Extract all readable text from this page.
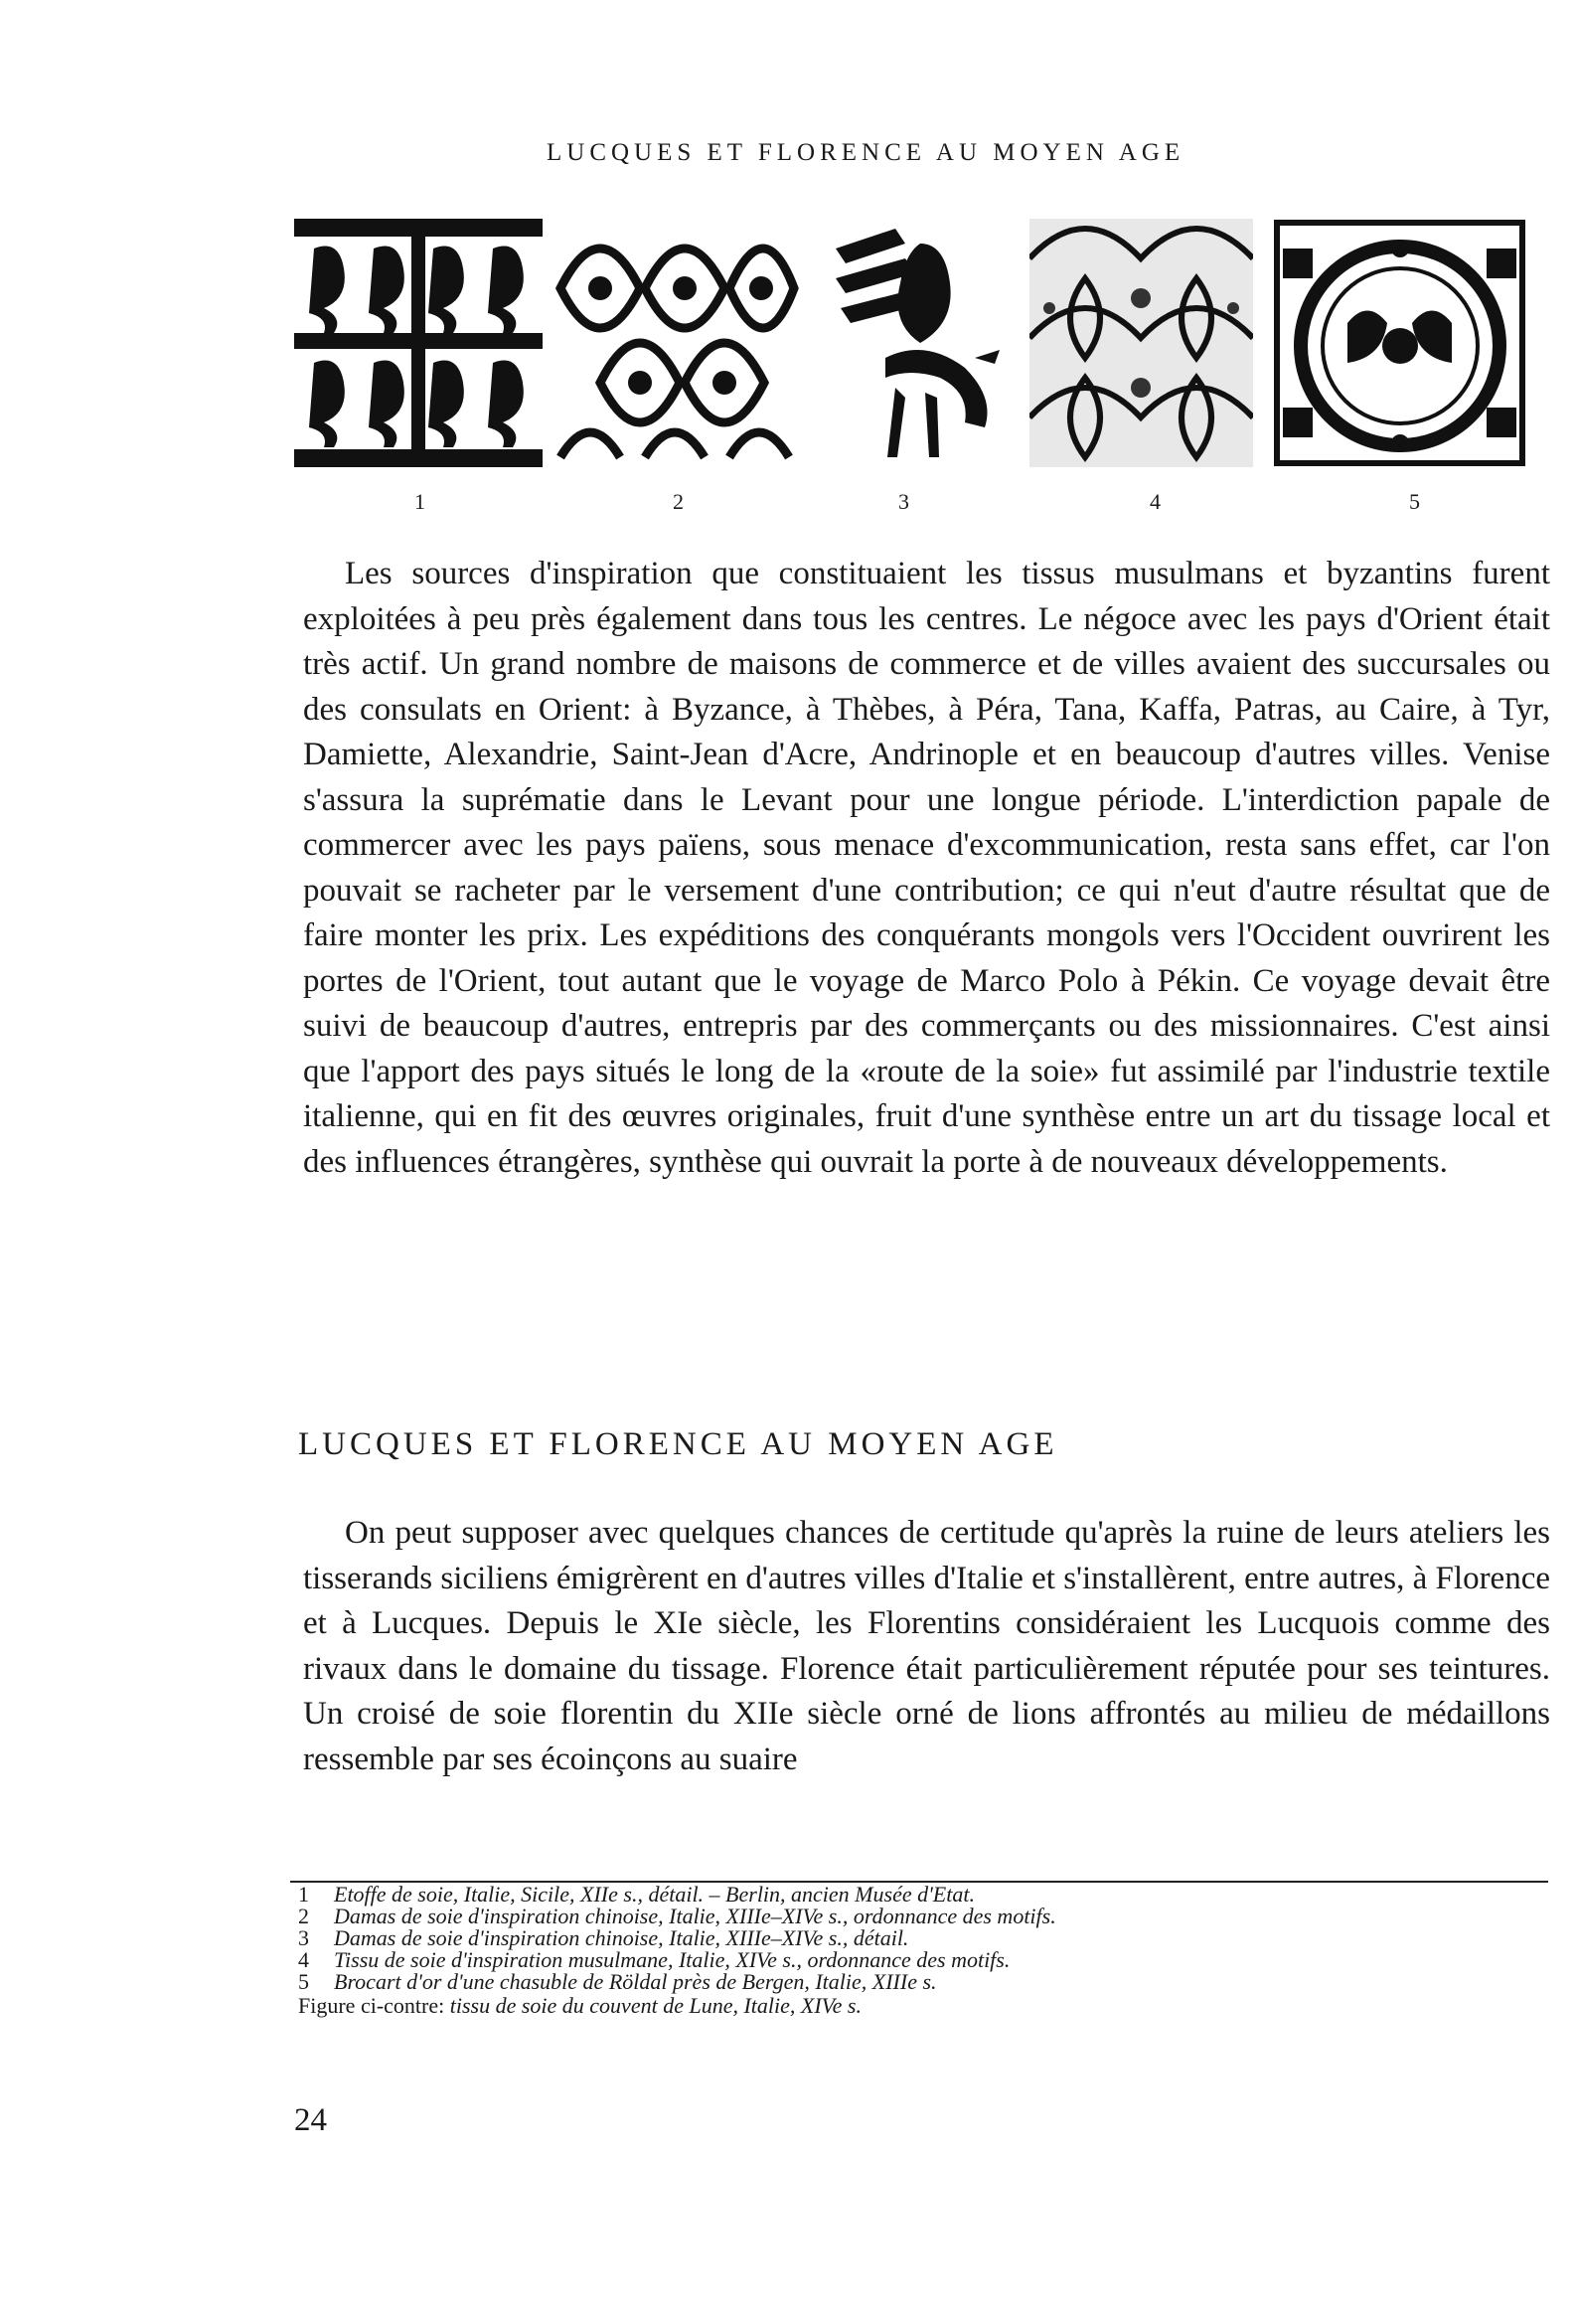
LUCQUES ET FLORENCE AU MOYEN AGE
1	2	3	4	5

Les sources d'inspiration que constituaient les tissus musulmans et byzantins furent exploitées à peu près également dans tous les centres. Le négoce avec les pays d'Orient était très actif. Un grand nombre de maisons de commerce et de villes avaient des succursales ou des consulats en Orient: à Byzance, à Thèbes, à Péra, Tana, Kaffa, Patras, au Caire, à Tyr, Damiette, Alexandrie, Saint-Jean d'Acre, Andrinople et en beaucoup d'autres villes. Venise s'assura la suprématie dans le Levant pour une longue période. L'interdiction papale de commercer avec les pays païens, sous menace d'excommunication, resta sans effet, car l'on pouvait se racheter par le versement d'une contribution; ce qui n'eut d'autre résultat que de faire monter les prix. Les expéditions des conquérants mongols vers l'Occident ouvrirent les portes de l'Orient, tout autant que le voyage de Marco Polo à Pékin. Ce voyage devait être suivi de beaucoup d'autres, entrepris par des commerçants ou des missionnaires. C'est ainsi que l'apport des pays situés le long de la «route de la soie» fut assimilé par l'industrie textile italienne, qui en fit des œuvres originales, fruit d'une synthèse entre un art du tissage local et des influences étrangères, synthèse qui ouvrait la porte à de nouveaux développements.

LUCQUES ET FLORENCE AU MOYEN AGE

On peut supposer avec quelques chances de certitude qu'après la ruine de leurs ateliers les tisserands siciliens émigrèrent en d'autres villes d'Italie et s'installèrent, entre autres, à Florence et à Lucques. Depuis le XIe siècle, les Florentins considéraient les Lucquois comme des rivaux dans le domaine du tissage. Florence était particulièrement réputée pour ses teintures. Un croisé de soie florentin du XIIe siècle orné de lions affrontés au milieu de médaillons ressemble par ses écoinçons au suaire

1 Etoffe de soie, Italie, Sicile, XIIe s., détail. – Berlin, ancien Musée d'Etat.
2 Damas de soie d'inspiration chinoise, Italie, XIIIe–XIVe s., ordonnance des motifs.
3 Damas de soie d'inspiration chinoise, Italie, XIIIe–XIVe s., détail.
4 Tissu de soie d'inspiration musulmane, Italie, XIVe s., ordonnance des motifs.
5 Brocart d'or d'une chasuble de Röldal près de Bergen, Italie, XIIIe s.
Figure ci-contre: tissu de soie du couvent de Lune, Italie, XIVe s.
24
